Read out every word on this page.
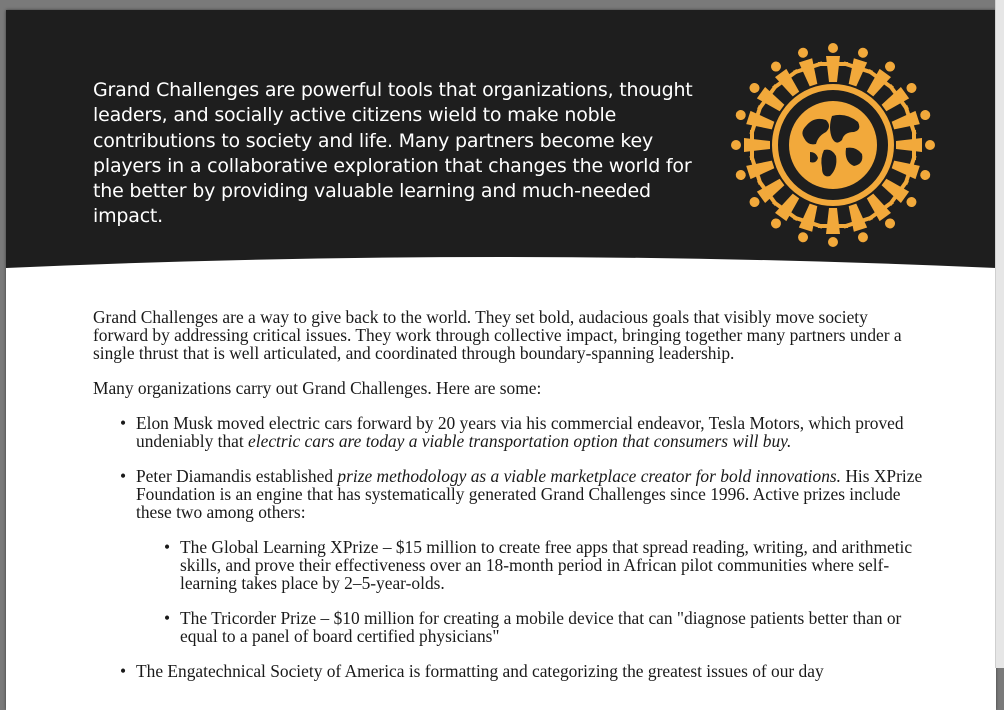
Grand Challenges are powerful tools that organizations, thought leaders, and socially active citizens wield to make noble contributions to society and life. Many partners become key players in a collaborative exploration that changes the world for the better by providing valuable learning and much-needed impact.

Grand Challenges are a way to give back to the world. They set bold, audacious goals that visibly move society forward by addressing critical issues. They work through collective impact, bringing together many partners under a single thrust that is well articulated, and coordinated through boundary-spanning leadership.

Many organizations carry out Grand Challenges. Here are some:

• Elon Musk moved electric cars forward by 20 years via his commercial endeavor, Tesla Motors, which proved undeniably that electric cars are today a viable transportation option that consumers will buy.
• Peter Diamandis established prize methodology as a viable marketplace creator for bold innovations. His XPrize Foundation is an engine that has systematically generated Grand Challenges since 1996. Active prizes include these two among others:
• The Global Learning XPrize – $15 million to create free apps that spread reading, writing, and arithmetic skills, and prove their effectiveness over an 18-month period in African pilot communities where self-learning takes place by 2–5-year-olds.
• The Tricorder Prize – $10 million for creating a mobile device that can "diagnose patients better than or equal to a panel of board certified physicians"
• The Engatechnical Society of America is formatting and categorizing the greatest issues of our day
